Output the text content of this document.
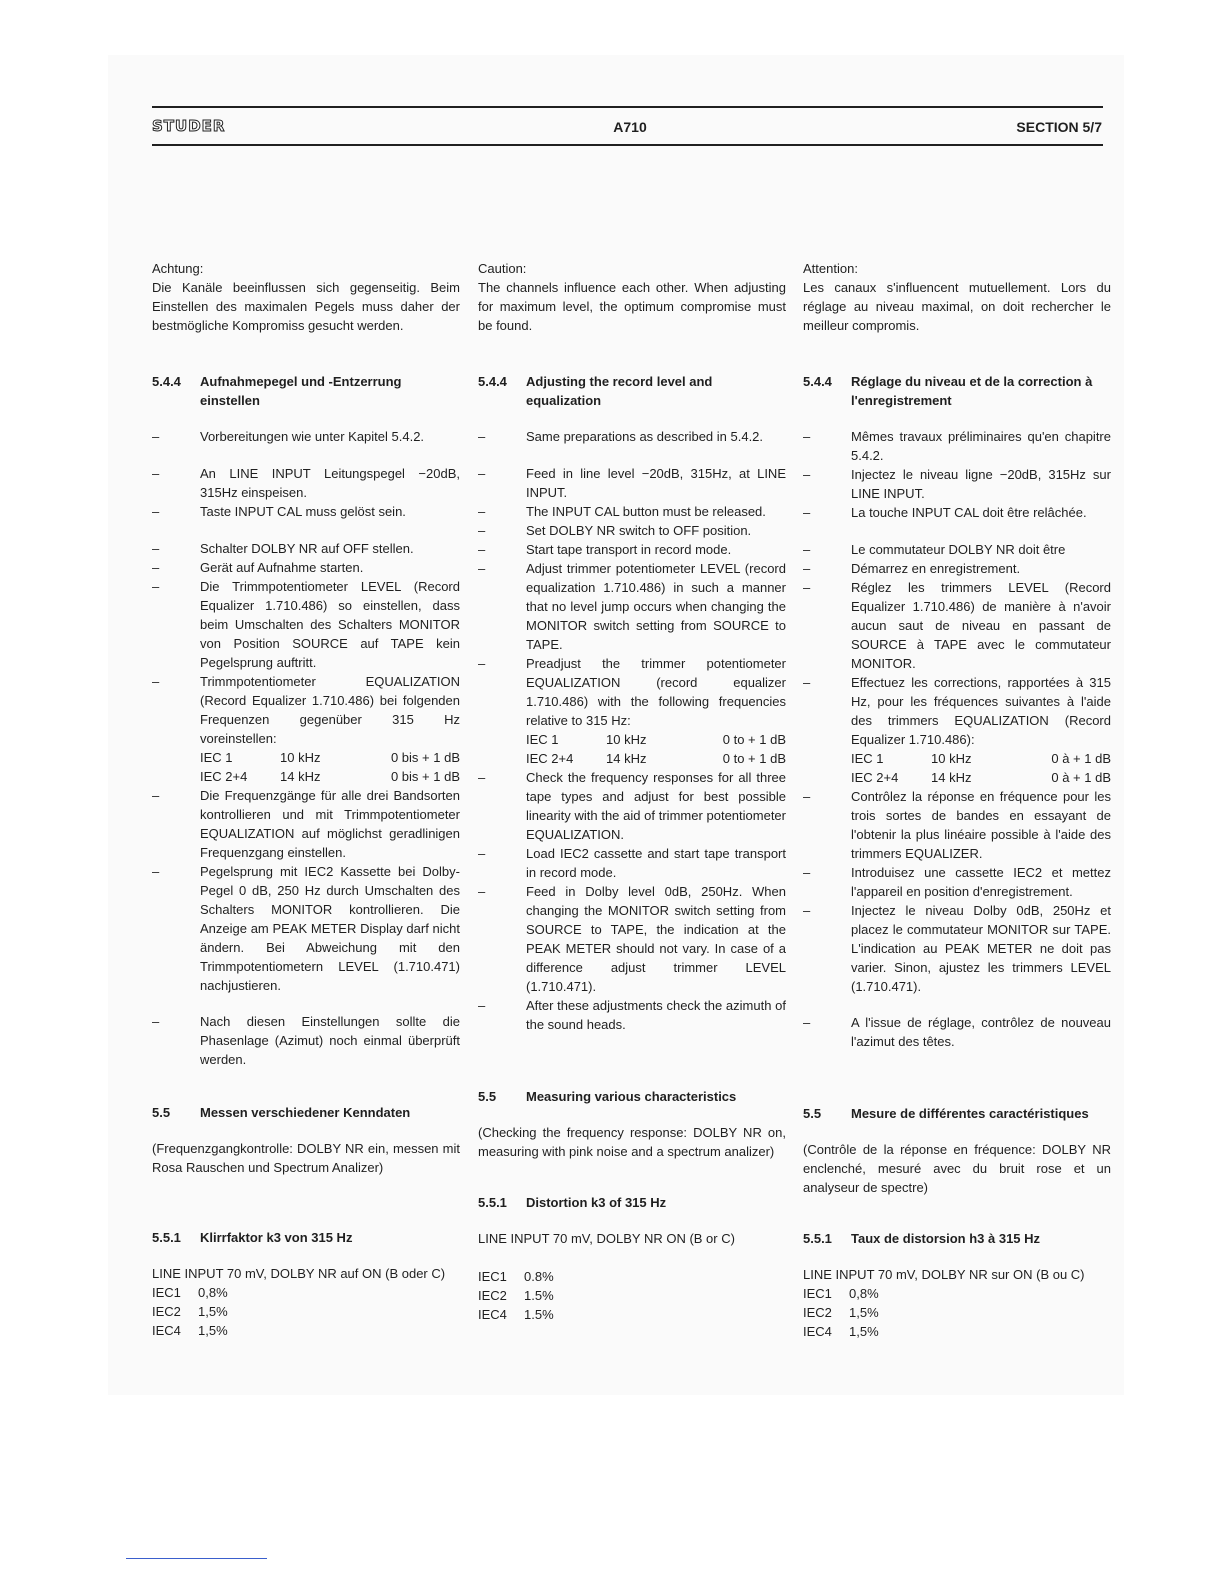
STUDER	A710	SECTION 5/7

Achtung:

Die Kanäle beeinflussen sich gegenseitig. Beim Einstellen des maximalen Pegels muss daher der bestmögliche Kompromiss gesucht werden.

5.4.4	Aufnahmepegel und -Entzerrung einstellen
–	Vorbereitungen wie unter Kapitel 5.4.2.
–	An LINE INPUT Leitungspegel −20dB, 315Hz einspeisen.
–	Taste INPUT CAL muss gelöst sein.
–	Schalter DOLBY NR auf OFF stellen.
–	Gerät auf Aufnahme starten.
–	Die Trimmpotentiometer LEVEL (Record Equalizer 1.710.486) so einstellen, dass beim Umschalten des Schalters MONITOR von Position SOURCE auf TAPE kein Pegelsprung auftritt.
–	Trimmpotentiometer EQUALIZATION (Record Equalizer 1.710.486) bei folgenden Frequenzen gegenüber 315 Hz voreinstellen:
IEC 1	10 kHz	0 bis + 1 dB
IEC 2+4	14 kHz	0 bis + 1 dB
–	Die Frequenzgänge für alle drei Bandsorten kontrollieren und mit Trimmpotentiometer EQUALIZATION auf möglichst geradlinigen Frequenzgang einstellen.
–	Pegelsprung mit IEC2 Kassette bei Dolby-Pegel 0 dB, 250 Hz durch Umschalten des Schalters MONITOR kontrollieren. Die Anzeige am PEAK METER Display darf nicht ändern. Bei Abweichung mit den Trimmpotentiometern LEVEL (1.710.471) nachjustieren.
–	Nach diesen Einstellungen sollte die Phasenlage (Azimut) noch einmal überprüft werden.
5.5	Messen verschiedener Kenndaten

(Frequenzgangkontrolle: DOLBY NR ein, messen mit Rosa Rauschen und Spectrum Analizer)

5.5.1	Klirrfaktor k3 von 315 Hz

LINE INPUT 70 mV, DOLBY NR auf ON (B oder C)

IEC1	0,8%
IEC2	1,5%
IEC4	1,5%

Caution:

The channels influence each other. When adjusting for maximum level, the optimum compromise must be found.

5.4.4	Adjusting the record level and equalization
–	Same preparations as described in 5.4.2.
–	Feed in line level −20dB, 315Hz, at LINE INPUT.
–	The INPUT CAL button must be released.
–	Set DOLBY NR switch to OFF position.
–	Start tape transport in record mode.
–	Adjust trimmer potentiometer LEVEL (record equalization 1.710.486) in such a manner that no level jump occurs when changing the MONITOR switch setting from SOURCE to TAPE.
–	Preadjust the trimmer potentiometer EQUALIZATION (record equalizer 1.710.486) with the following frequencies relative to 315 Hz:
IEC 1	10 kHz	0 to + 1 dB
IEC 2+4	14 kHz	0 to + 1 dB
–	Check the frequency responses for all three tape types and adjust for best possible linearity with the aid of trimmer potentiometer EQUALIZATION.
–	Load IEC2 cassette and start tape transport in record mode.
–	Feed in Dolby level 0dB, 250Hz. When changing the MONITOR switch setting from SOURCE to TAPE, the indication at the PEAK METER should not vary. In case of a difference adjust trimmer LEVEL (1.710.471).
–	After these adjustments check the azimuth of the sound heads.
5.5	Measuring various characteristics

(Checking the frequency response: DOLBY NR on, measuring with pink noise and a spectrum analizer)

5.5.1	Distortion k3 of 315 Hz

LINE INPUT 70 mV, DOLBY NR ON (B or C)

IEC1	0.8%
IEC2	1.5%
IEC4	1.5%

Attention:

Les canaux s'influencent mutuellement. Lors du réglage au niveau maximal, on doit rechercher le meilleur compromis.

5.4.4	Réglage du niveau et de la correction à l'enregistrement
–	Mêmes travaux préliminaires qu'en chapitre 5.4.2.
–	Injectez le niveau ligne −20dB, 315Hz sur LINE INPUT.
–	La touche INPUT CAL doit être relâchée.
–	Le commutateur DOLBY NR doit être
–	Démarrez en enregistrement.
–	Réglez les trimmers LEVEL (Record Equalizer 1.710.486) de manière à n'avoir aucun saut de niveau en passant de SOURCE à TAPE avec le commutateur MONITOR.
–	Effectuez les corrections, rapportées à 315 Hz, pour les fréquences suivantes à l'aide des trimmers EQUALIZATION (Record Equalizer 1.710.486):
IEC 1	10 kHz	0 à + 1 dB
IEC 2+4	14 kHz	0 à + 1 dB
–	Contrôlez la réponse en fréquence pour les trois sortes de bandes en essayant de l'obtenir la plus linéaire possible à l'aide des trimmers EQUALIZER.
–	Introduisez une cassette IEC2 et mettez l'appareil en position d'enregistrement.
–	Injectez le niveau Dolby 0dB, 250Hz et placez le commutateur MONITOR sur TAPE. L'indication au PEAK METER ne doit pas varier. Sinon, ajustez les trimmers LEVEL (1.710.471).
–	A l'issue de réglage, contrôlez de nouveau l'azimut des têtes.
5.5	Mesure de différentes caractéristiques

(Contrôle de la réponse en fréquence: DOLBY NR enclenché, mesuré avec du bruit rose et un analyseur de spectre)

5.5.1	Taux de distorsion h3 à 315 Hz

LINE INPUT 70 mV, DOLBY NR sur ON (B ou C)

IEC1	0,8%
IEC2	1,5%
IEC4	1,5%
